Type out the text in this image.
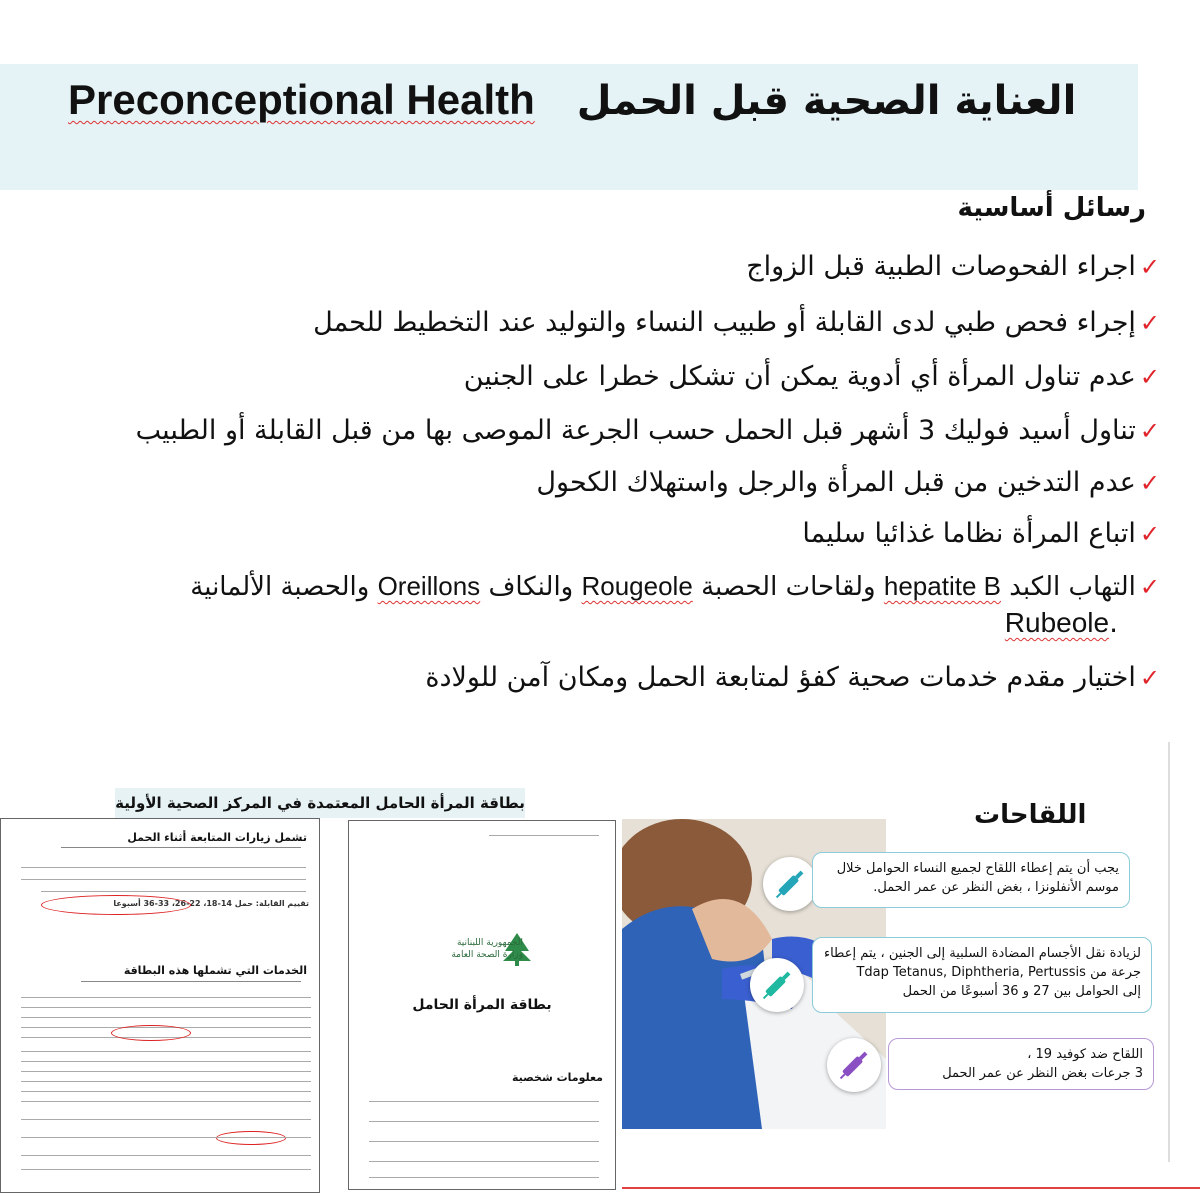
Preconceptional Health العناية الصحية قبل الحمل
رسائل أساسية
✓اجراء الفحوصات الطبية قبل الزواج
✓إجراء فحص طبي لدى القابلة أو طبيب النساء والتوليد عند التخطيط للحمل
✓عدم تناول المرأة أي أدوية يمكن أن تشكل خطرا على الجنين
✓تناول أسيد فوليك 3 أشهر قبل الحمل حسب الجرعة الموصى بها من قبل القابلة أو الطبيب
✓عدم التدخين من قبل المرأة والرجل واستهلاك الكحول
✓اتباع المرأة نظاما غذائيا سليما
✓التهاب الكبد hepatite B ولقاحات الحصبة Rougeole والنكاف Oreillons والحصبة الألمانية
.Rubeole
✓اختيار مقدم خدمات صحية كفؤ لمتابعة الحمل ومكان آمن للولادة
بطاقة المرأة الحامل المعتمدة في المركز الصحية الأولية
تشمل زيارات المتابعة أثناء الحمل

تقييم القابلة: حمل 14-18، 22-26، 33-36 أسبوعا
الخدمات التي تشملها هذه البطاقة
الجمهورية اللبنانية
وزارة الصحة العامة
بطاقة المرأة الحامل
معلومات شخصية
اللقاحات
يجب أن يتم إعطاء اللقاح لجميع النساء الحوامل خلال موسم الأنفلونزا ، بغض النظر عن عمر الحمل.
لزيادة نقل الأجسام المضادة السلبية إلى الجنين ، يتم إعطاء
جرعة من Tdap Tetanus, Diphtheria, Pertussis
إلى الحوامل بين 27 و 36 أسبوعًا من الحمل
اللقاح ضد كوفيد 19 ،
3 جرعات بغض النظر عن عمر الحمل
